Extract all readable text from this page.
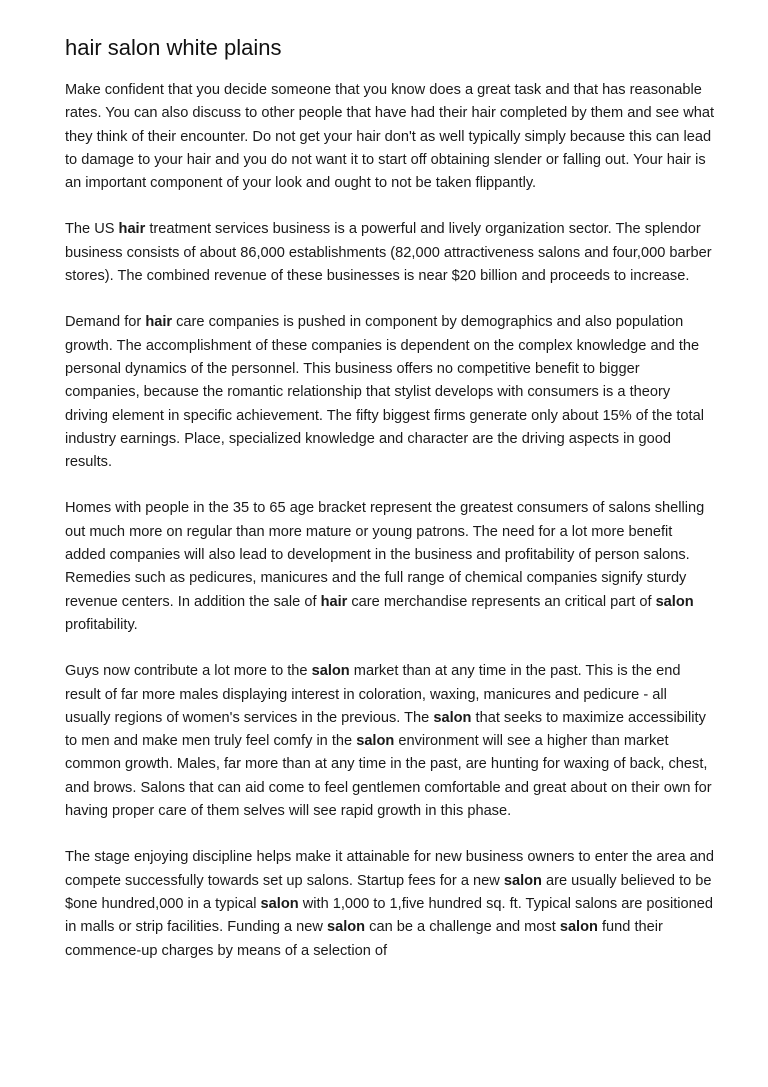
hair salon white plains

Make confident that you decide someone that you know does a great task and that has reasonable rates. You can also discuss to other people that have had their hair completed by them and see what they think of their encounter. Do not get your hair don't as well typically simply because this can lead to damage to your hair and you do not want it to start off obtaining slender or falling out. Your hair is an important component of your look and ought to not be taken flippantly.

The US hair treatment services business is a powerful and lively organization sector. The splendor business consists of about 86,000 establishments (82,000 attractiveness salons and four,000 barber stores). The combined revenue of these businesses is near $20 billion and proceeds to increase.

Demand for hair care companies is pushed in component by demographics and also population growth. The accomplishment of these companies is dependent on the complex knowledge and the personal dynamics of the personnel. This business offers no competitive benefit to bigger companies, because the romantic relationship that stylist develops with consumers is a theory driving element in specific achievement. The fifty biggest firms generate only about 15% of the total industry earnings. Place, specialized knowledge and character are the driving aspects in good results.

Homes with people in the 35 to 65 age bracket represent the greatest consumers of salons shelling out much more on regular than more mature or young patrons. The need for a lot more benefit added companies will also lead to development in the business and profitability of person salons. Remedies such as pedicures, manicures and the full range of chemical companies signify sturdy revenue centers. In addition the sale of hair care merchandise represents an critical part of salon profitability.

Guys now contribute a lot more to the salon market than at any time in the past. This is the end result of far more males displaying interest in coloration, waxing, manicures and pedicure - all usually regions of women's services in the previous. The salon that seeks to maximize accessibility to men and make men truly feel comfy in the salon environment will see a higher than market common growth. Males, far more than at any time in the past, are hunting for waxing of back, chest, and brows. Salons that can aid come to feel gentlemen comfortable and great about on their own for having proper care of them selves will see rapid growth in this phase.

The stage enjoying discipline helps make it attainable for new business owners to enter the area and compete successfully towards set up salons. Startup fees for a new salon are usually believed to be $one hundred,000 in a typical salon with 1,000 to 1,five hundred sq. ft. Typical salons are positioned in malls or strip facilities. Funding a new salon can be a challenge and most salon fund their commence-up charges by means of a selection of
